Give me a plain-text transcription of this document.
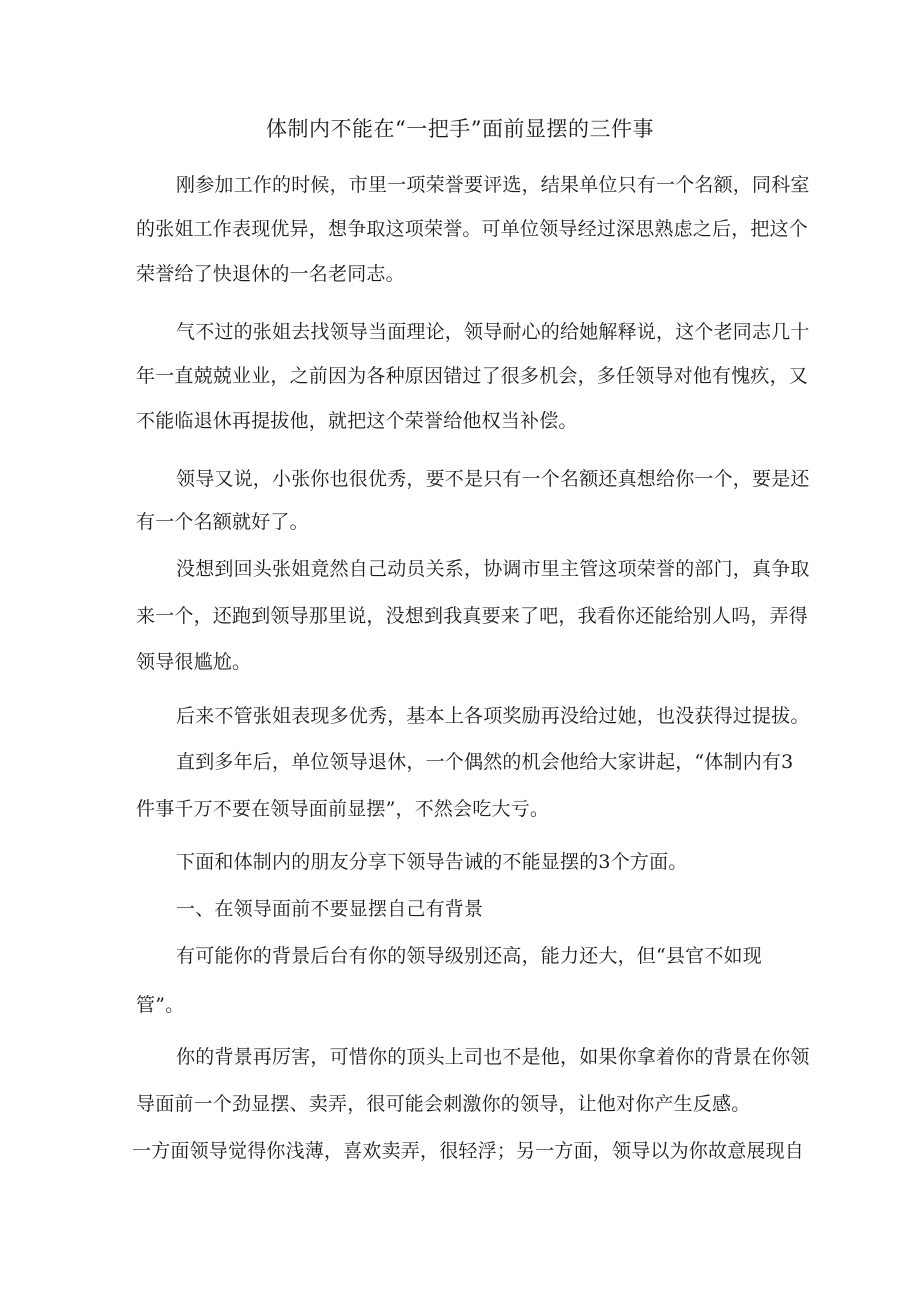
体制内不能在“一把手”面前显摆的三件事
刚参加工作的时候，市里一项荣誉要评选，结果单位只有一个名额，同科室
的张姐工作表现优异，想争取这项荣誉。可单位领导经过深思熟虑之后，把这个
荣誉给了快退休的一名老同志。
气不过的张姐去找领导当面理论，领导耐心的给她解释说，这个老同志几十
年一直兢兢业业，之前因为各种原因错过了很多机会，多任领导对他有愧疚，又
不能临退休再提拔他，就把这个荣誉给他权当补偿。
领导又说，小张你也很优秀，要不是只有一个名额还真想给你一个，要是还
有一个名额就好了。
没想到回头张姐竟然自己动员关系，协调市里主管这项荣誉的部门，真争取
来一个，还跑到领导那里说，没想到我真要来了吧，我看你还能给别人吗，弄得
领导很尴尬。
后来不管张姐表现多优秀，基本上各项奖励再没给过她，也没获得过提拔。
直到多年后，单位领导退休，一个偶然的机会他给大家讲起，“体制内有3
件事千万不要在领导面前显摆”，不然会吃大亏。
下面和体制内的朋友分享下领导告诫的不能显摆的3个方面。
一、在领导面前不要显摆自己有背景
有可能你的背景后台有你的领导级别还高，能力还大，但“县官不如现
管”。
你的背景再厉害，可惜你的顶头上司也不是他，如果你拿着你的背景在你领
导面前一个劲显摆、卖弄，很可能会刺激你的领导，让他对你产生反感。
一方面领导觉得你浅薄，喜欢卖弄，很轻浮；另一方面，领导以为你故意展现自
